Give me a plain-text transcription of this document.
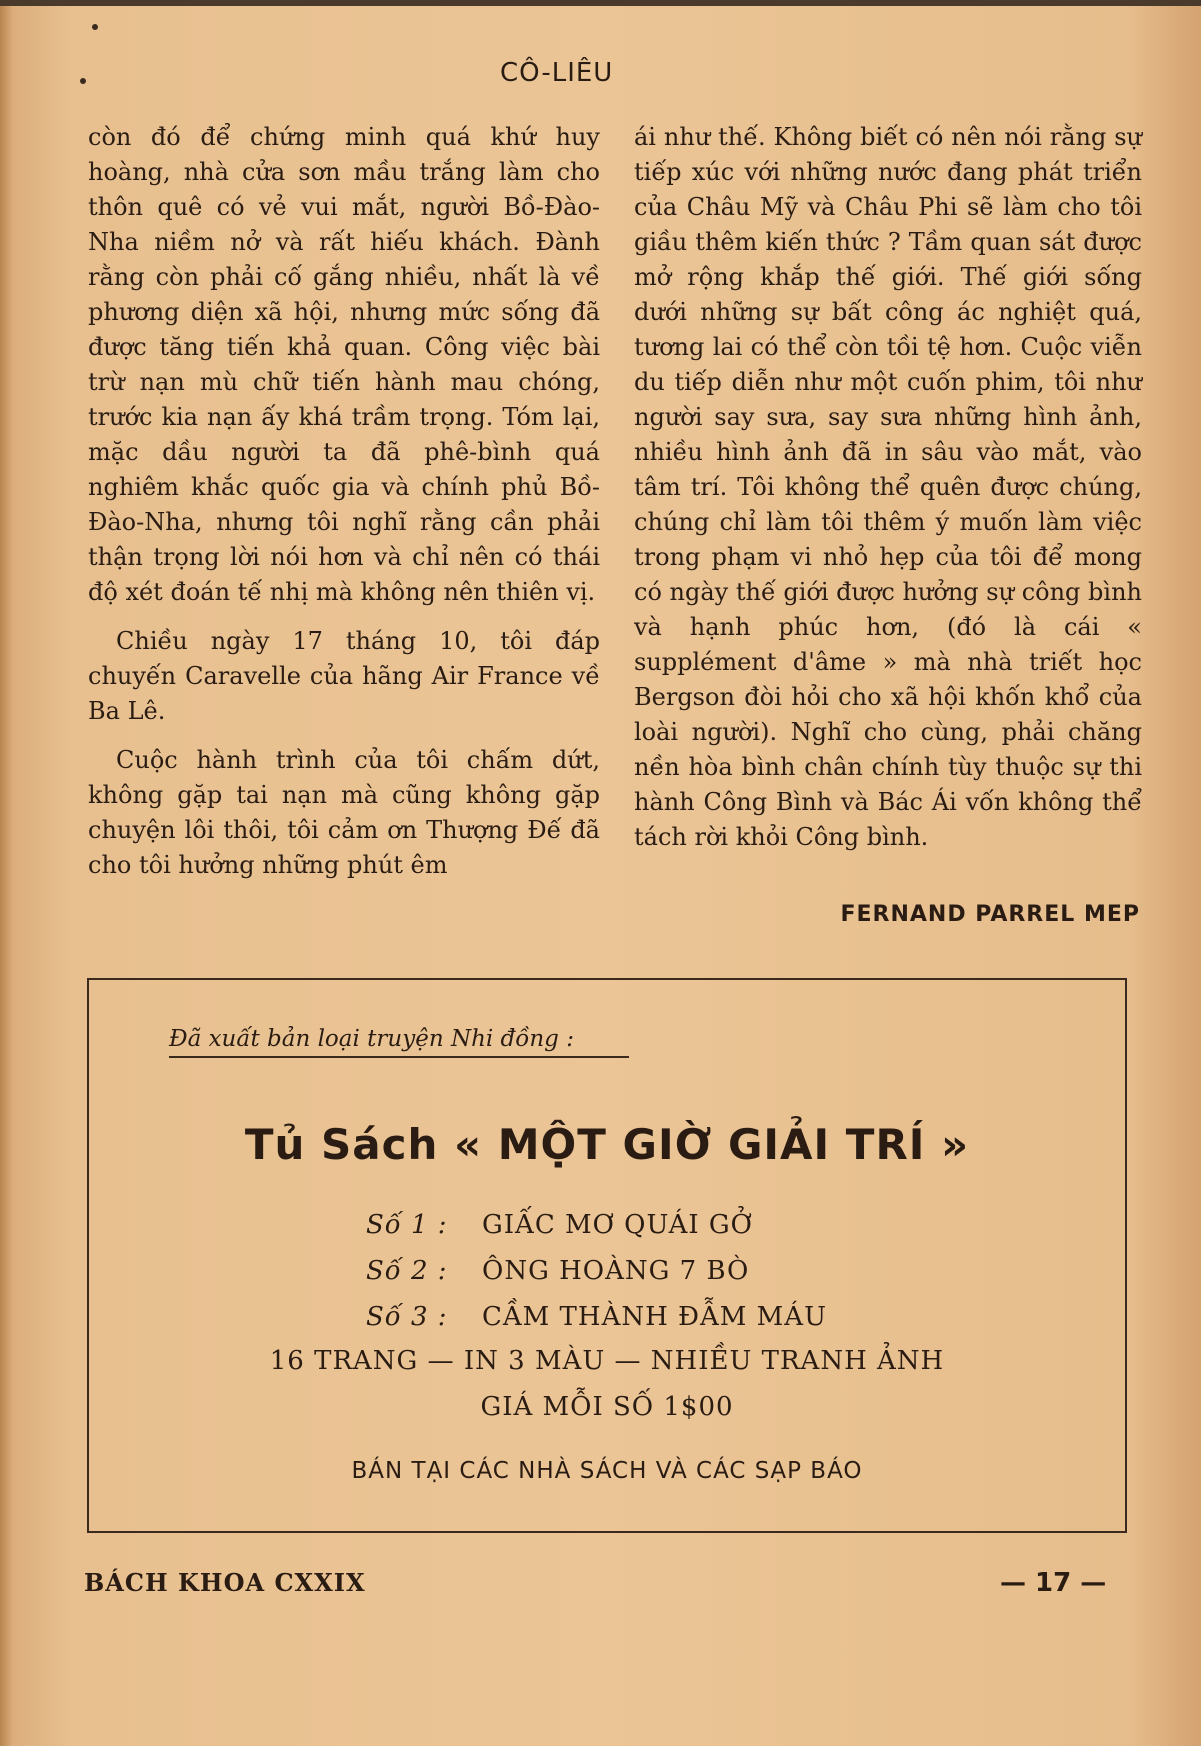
CÔ-LIÊU

còn đó để chứng minh quá khứ huy hoàng, nhà cửa sơn mầu trắng làm cho thôn quê có vẻ vui mắt, người Bồ-Đào-Nha niềm nở và rất hiếu khách. Đành rằng còn phải cố gắng nhiều, nhất là về phương diện xã hội, nhưng mức sống đã được tăng tiến khả quan. Công việc bài trừ nạn mù chữ tiến hành mau chóng, trước kia nạn ấy khá trầm trọng. Tóm lại, mặc dầu người ta đã phê-bình quá nghiêm khắc quốc gia và chính phủ Bồ-Đào-Nha, nhưng tôi nghĩ rằng cần phải thận trọng lời nói hơn và chỉ nên có thái độ xét đoán tế nhị mà không nên thiên vị.

Chiều ngày 17 tháng 10, tôi đáp chuyến Caravelle của hãng Air France về Ba Lê.

Cuộc hành trình của tôi chấm dứt, không gặp tai nạn mà cũng không gặp chuyện lôi thôi, tôi cảm ơn Thượng Đế đã cho tôi hưởng những phút êm

ái như thế. Không biết có nên nói rằng sự tiếp xúc với những nước đang phát triển của Châu Mỹ và Châu Phi sẽ làm cho tôi giầu thêm kiến thức ? Tầm quan sát được mở rộng khắp thế giới. Thế giới sống dưới những sự bất công ác nghiệt quá, tương lai có thể còn tồi tệ hơn. Cuộc viễn du tiếp diễn như một cuốn phim, tôi như người say sưa, say sưa những hình ảnh, nhiều hình ảnh đã in sâu vào mắt, vào tâm trí. Tôi không thể quên được chúng, chúng chỉ làm tôi thêm ý muốn làm việc trong phạm vi nhỏ hẹp của tôi để mong có ngày thế giới được hưởng sự công bình và hạnh phúc hơn, (đó là cái « supplément d'âme » mà nhà triết học Bergson đòi hỏi cho xã hội khốn khổ của loài người). Nghĩ cho cùng, phải chăng nền hòa bình chân chính tùy thuộc sự thi hành Công Bình và Bác Ái vốn không thể tách rời khỏi Công bình.

FERNAND PARREL MEP
Đã xuất bản loại truyện Nhi đồng :
Tủ Sách « MỘT GIỜ GIẢI TRÍ »
Số 1 : GIẤC MƠ QUÁI GỞ
Số 2 : ÔNG HOÀNG 7 BÒ
Số 3 : CẦM THÀNH ĐẪM MÁU
16 TRANG — IN 3 MÀU — NHIỀU TRANH ẢNH
GIÁ MỖI SỐ 1$00
BÁN TẠI CÁC NHÀ SÁCH VÀ CÁC SẠP BÁO
BÁCH KHOA CXXIX	— 17 —
